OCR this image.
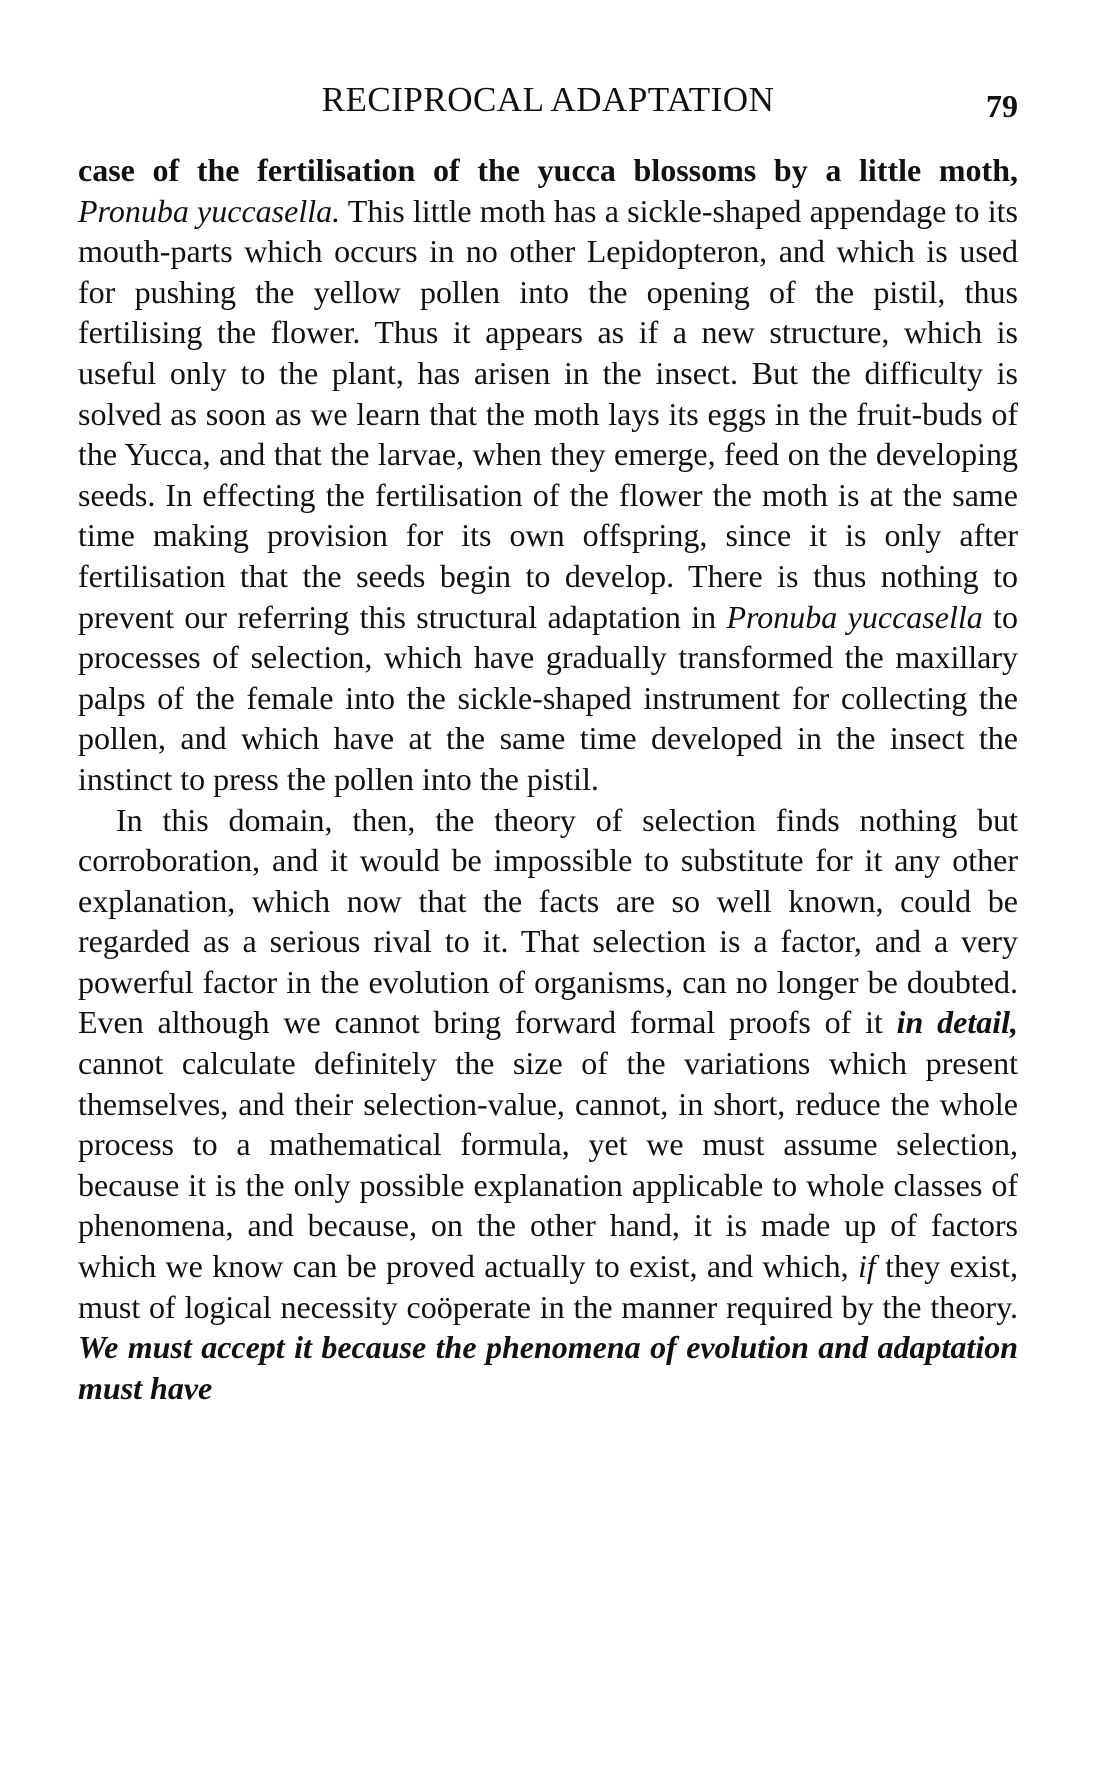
RECIPROCAL ADAPTATION	79

case of the fertilisation of the yucca blossoms by a little moth, Pronuba yuccasella. This little moth has a sickle-shaped appendage to its mouth-parts which occurs in no other Lepidopteron, and which is used for pushing the yellow pollen into the opening of the pistil, thus fertilising the flower. Thus it appears as if a new structure, which is useful only to the plant, has arisen in the insect. But the difficulty is solved as soon as we learn that the moth lays its eggs in the fruit-buds of the Yucca, and that the larvae, when they emerge, feed on the developing seeds. In effecting the fertilisation of the flower the moth is at the same time making provision for its own offspring, since it is only after fertilisation that the seeds begin to develop. There is thus nothing to prevent our referring this structural adaptation in Pronuba yuccasella to processes of selection, which have gradually transformed the maxillary palps of the female into the sickle-shaped instrument for collecting the pollen, and which have at the same time developed in the insect the instinct to press the pollen into the pistil.

In this domain, then, the theory of selection finds nothing but corroboration, and it would be impossible to substitute for it any other explanation, which now that the facts are so well known, could be regarded as a serious rival to it. That selection is a factor, and a very powerful factor in the evolution of organisms, can no longer be doubted. Even although we cannot bring forward formal proofs of it in detail, cannot calculate definitely the size of the variations which present themselves, and their selection-value, cannot, in short, reduce the whole process to a mathematical formula, yet we must assume selection, because it is the only possible explanation applicable to whole classes of phenomena, and because, on the other hand, it is made up of factors which we know can be proved actually to exist, and which, if they exist, must of logical necessity coöperate in the manner required by the theory. We must accept it because the phenomena of evolution and adaptation must have
